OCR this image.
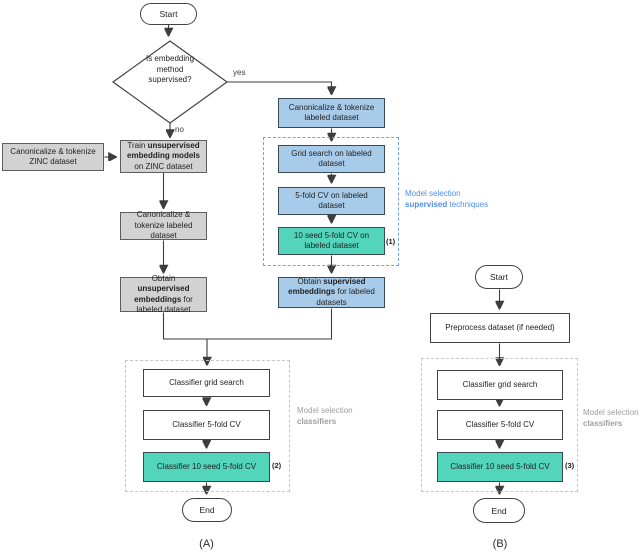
Start
Is embedding method supervised?
yes
no
Canonicalize & tokenize ZINC dataset
Train unsupervised embedding models on ZINC dataset
Canonicalize & tokenize labeled dataset
Obtain unsupervised embeddings for labeled dataset
Canonicalize & tokenize labeled dataset
Grid search on labeled dataset
5-fold CV on labeled dataset
10 seed 5-fold CV on labeled dataset	(1)
Obtain supervised embeddings for labeled datasets
Model selection
supervised techniques
Classifier grid search
Classifier 5-fold CV
Classifier 10 seed 5-fold CV (2)
Model selection
classifiers
End
(A)
Start
Preprocess dataset (if needed)
Classifier grid search
Classifier 5-fold CV
Classifier 10 seed 5-fold CV (3)
Model selection
classifiers
End
(B)
